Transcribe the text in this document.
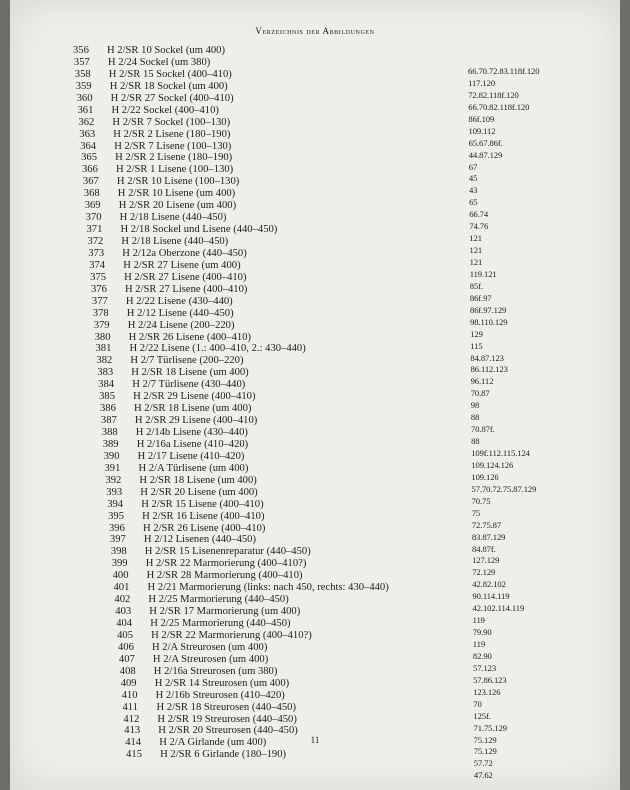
Verzeichnis der Abbildungen
356 H 2/SR 10 Sockel (um 400)
357 H 2/24 Sockel (um 380)
358 H 2/SR 15 Sockel (400–410)
359 H 2/SR 18 Sockel (um 400)
360 H 2/SR 27 Sockel (400–410)
361 H 2/22 Sockel (400–410)
362 H 2/SR 7 Sockel (100–130)
363 H 2/SR 2 Lisene (180–190)
364 H 2/SR 7 Lisene (100–130)
365 H 2/SR 2 Lisene (180–190)
366 H 2/SR 1 Lisene (100–130)
367 H 2/SR 10 Lisene (100–130)
368 H 2/SR 10 Lisene (um 400)
369 H 2/SR 20 Lisene (um 400)
370 H 2/18 Lisene (440–450)
371 H 2/18 Sockel und Lisene (440–450)
372 H 2/18 Lisene (440–450)
373 H 2/12a Oberzone (440–450)
374 H 2/SR 27 Lisene (um 400)
375 H 2/SR 27 Lisene (400–410)
376 H 2/SR 27 Lisene (400–410)
377 H 2/22 Lisene (430–440)
378 H 2/12 Lisene (440–450)
379 H 2/24 Lisene (200–220)
380 H 2/SR 26 Lisene (400–410)
381 H 2/22 Lisene (1.: 400–410, 2.: 430–440)
382 H 2/7 Türlisene (200–220)
383 H 2/SR 18 Lisene (um 400)
384 H 2/7 Türlisene (430–440)
385 H 2/SR 29 Lisene (400–410)
386 H 2/SR 18 Lisene (um 400)
387 H 2/SR 29 Lisene (400–410)
388 H 2/14b Lisene (430–440)
389 H 2/16a Lisene (410–420)
390 H 2/17 Lisene (410–420)
391 H 2/A Türlisene (um 400)
392 H 2/SR 18 Lisene (um 400)
393 H 2/SR 20 Lisene (um 400)
394 H 2/SR 15 Lisene (400–410)
395 H 2/SR 16 Lisene (400–410)
396 H 2/SR 26 Lisene (400–410)
397 H 2/12 Lisenen (440–450)
398 H 2/SR 15 Lisenenreparatur (440–450)
399 H 2/SR 22 Marmorierung (400–410?)
400 H 2/SR 28 Marmorierung (400–410)
401 H 2/21 Marmorierung (links: nach 450, rechts: 430–440)
402 H 2/25 Marmorierung (440–450)
403 H 2/SR 17 Marmorierung (um 400)
404 H 2/25 Marmorierung (440–450)
405 H 2/SR 22 Marmorierung (400–410?)
406 H 2/A Streurosen (um 400)
407 H 2/A Streurosen (um 400)
408 H 2/16a Streurosen (um 380)
409 H 2/SR 14 Streurosen (um 400)
410 H 2/16b Streurosen (410–420)
411 H 2/SR 18 Streurosen (440–450)
412 H 2/SR 19 Streurosen (440–450)
413 H 2/SR 20 Streurosen (440–450)
414 H 2/A Girlande (um 400)
415 H 2/SR 6 Girlande (180–190)
66.70.72.83.118f.120
117.120
72.82.118f.120
66.70.82.118f.120
86f.109
109.112
65.67.86f.
44.87.129
67
45
43
65
66.74
74.76
121
121
121
119.121
85f.
86f.97
86f.97.129
98.110.129
129
115
84.87.123
86.112.123
96.112
70.87
98
88
70.87f.
88
109f.112.115.124
109.124.126
109.126
57.70.72.75.87.129
70.75
75
72.75.87
83.87.129
84.87f.
127.129
72.129
42.82.102
90.114.119
42.102.114.119
119
79.90
119
82.90
57.123
57.86.123
123.126
70
125f.
71.75.129
75.129
75.129
57.72
47.62
11
